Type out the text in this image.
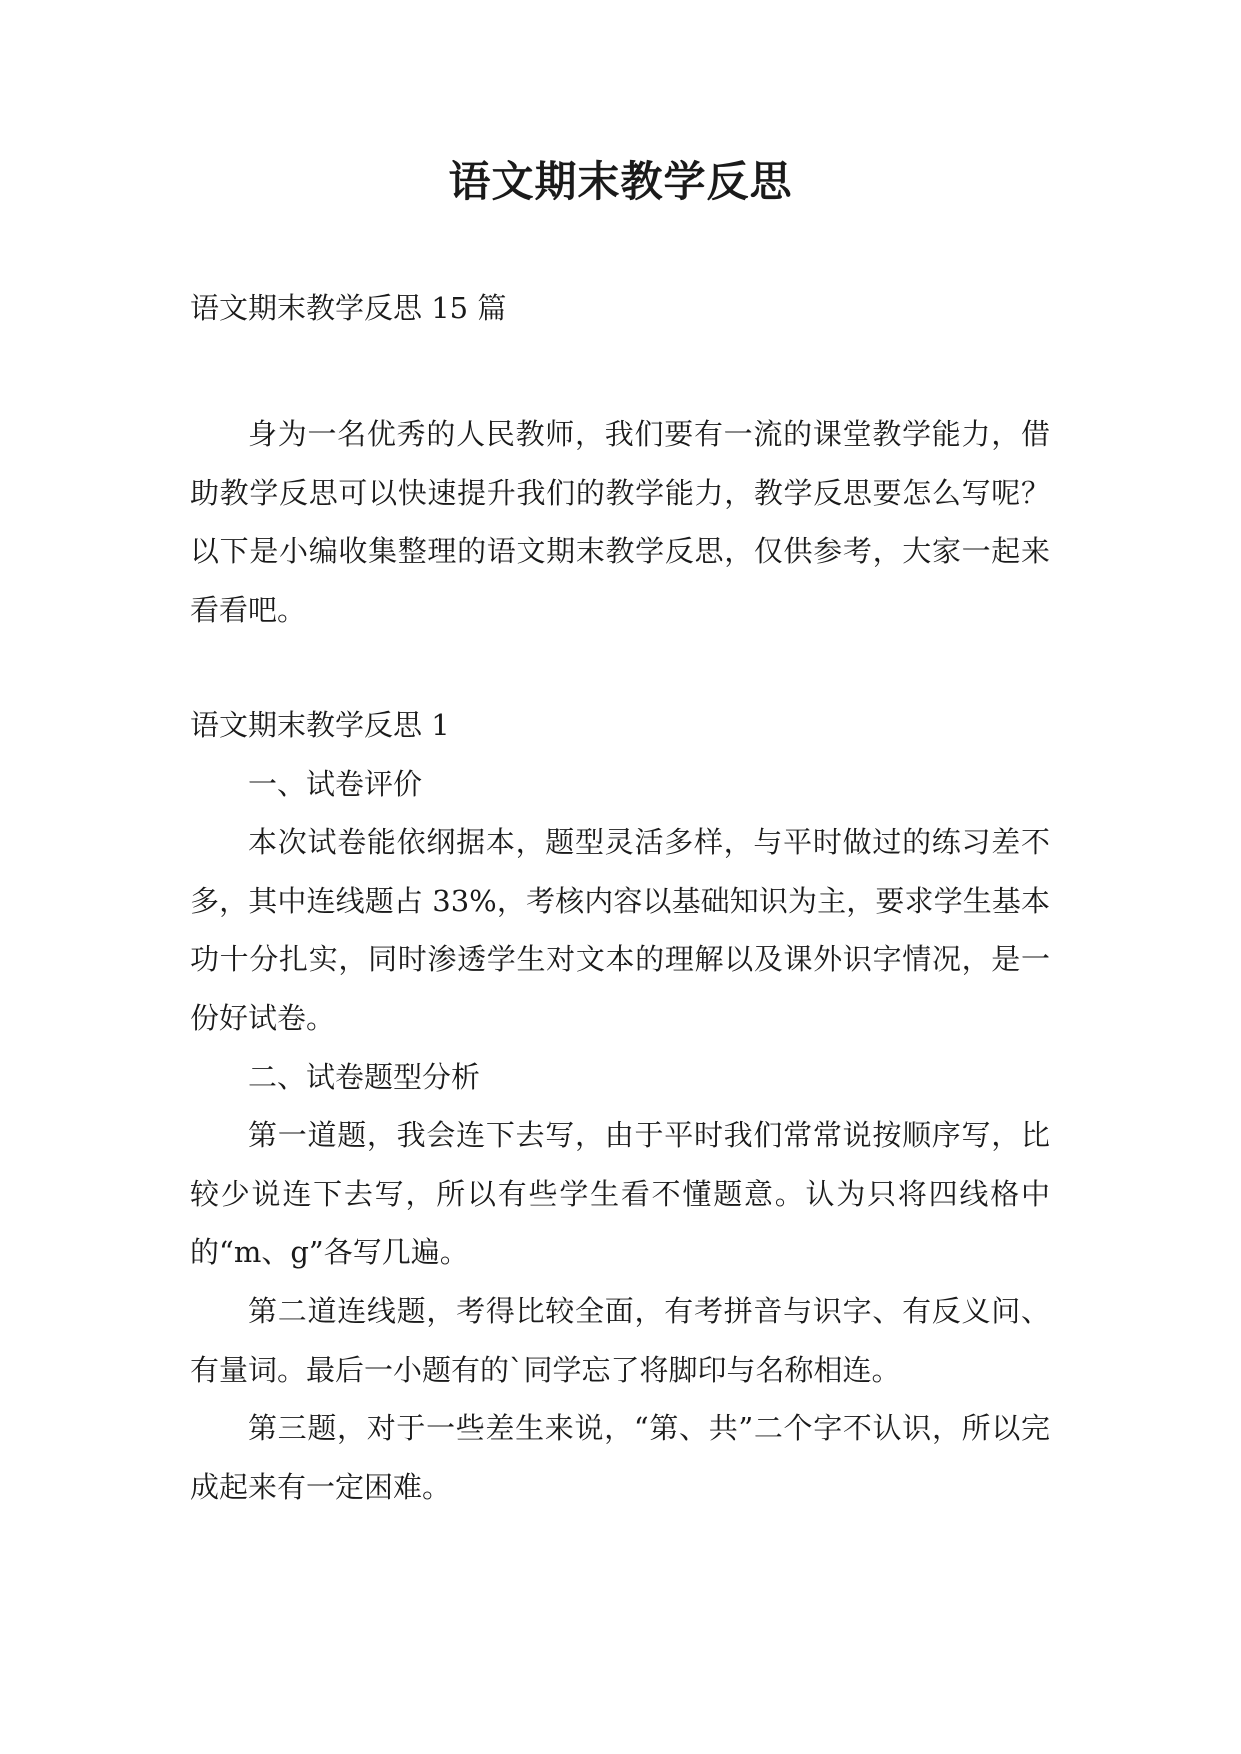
语文期末教学反思

语文期末教学反思 15 篇

身为一名优秀的人民教师，我们要有一流的课堂教学能力，借助教学反思可以快速提升我们的教学能力，教学反思要怎么写呢？以下是小编收集整理的语文期末教学反思，仅供参考，大家一起来看看吧。

语文期末教学反思 1

一、试卷评价

本次试卷能依纲据本，题型灵活多样，与平时做过的练习差不多，其中连线题占 33%，考核内容以基础知识为主，要求学生基本功十分扎实，同时渗透学生对文本的理解以及课外识字情况，是一份好试卷。

二、试卷题型分析

第一道题，我会连下去写，由于平时我们常常说按顺序写，比较少说连下去写，所以有些学生看不懂题意。认为只将四线格中的“m、g”各写几遍。

第二道连线题，考得比较全面，有考拼音与识字、有反义问、有量词。最后一小题有的`同学忘了将脚印与名称相连。

第三题，对于一些差生来说，“第、共”二个字不认识，所以完成起来有一定困难。
